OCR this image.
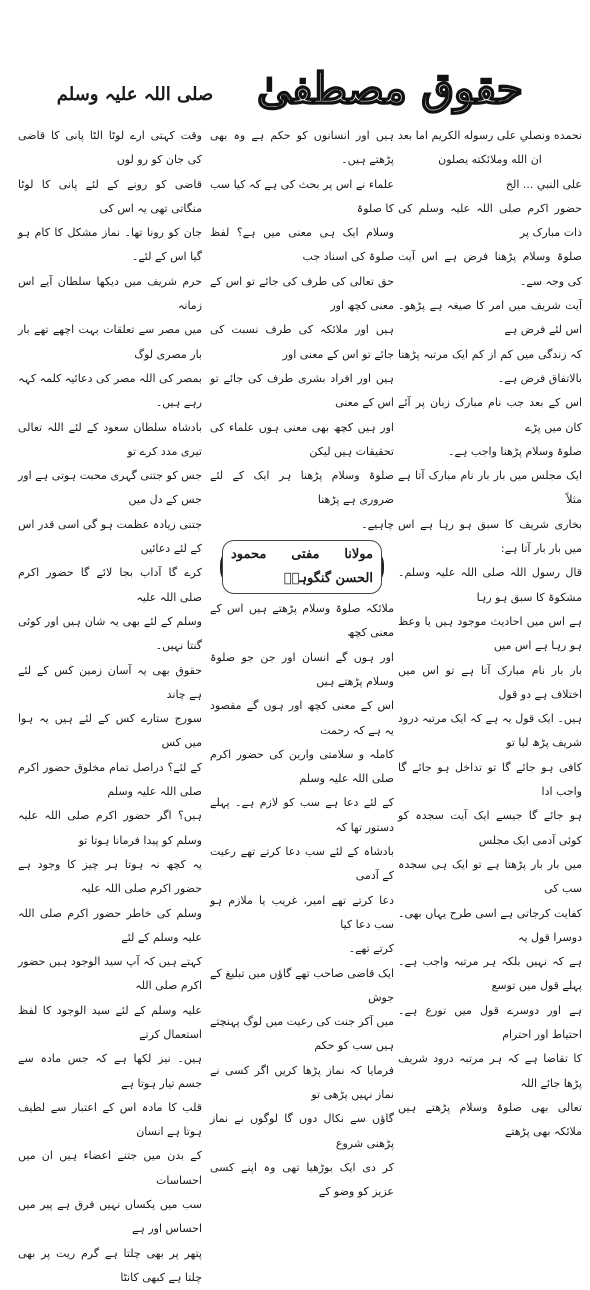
حقوق مصطفیٰ
صلی اللہ علیہ وسلم

نحمده ونصلي على رسوله الكريم اما بعد

ان الله وملائكته يصلون

على النبي ... الخ

حضور اکرم صلی اللہ علیہ وسلم کی ذات مبارک پر

صلوۃ وسلام پڑھنا فرض ہے اس آیت کی وجہ سے۔

آیت شریف میں امر کا صیغہ ہے پڑھو۔ اس لئے فرض ہے

کہ زندگی میں کم از کم ایک مرتبہ پڑھنا بالاتفاق فرض ہے۔

اس کے بعد جب نام مبارک زبان پر آئے کان میں پڑے

صلوۃ وسلام پڑھنا واجب ہے۔

ایک مجلس میں بار بار نام مبارک آتا ہے مثلاً

بخاری شریف کا سبق ہو رہا ہے اس میں بار بار آتا ہے:

قال رسول اللہ صلی اللہ علیہ وسلم۔ مشکوۃ کا سبق ہو رہا

ہے اس میں احادیث موجود ہیں یا وعظ ہو رہا ہے اس میں

بار بار نام مبارک آتا ہے تو اس میں اختلاف ہے دو قول

ہیں۔ ایک قول یہ ہے کہ ایک مرتبہ درود شریف پڑھ لیا تو

کافی ہو جائے گا تو تداخل ہو جائے گا واجب ادا

ہو جائے گا جیسے ایک آیت سجدہ کو کوئی آدمی ایک مجلس

میں بار بار پڑھتا ہے تو ایک ہی سجدہ سب کی

کفایت کرجاتی ہے اسی طرح یہاں بھی۔ دوسرا قول یہ

ہے کہ نہیں بلکہ ہر مرتبہ واجب ہے۔ پہلے قول میں توسع

ہے اور دوسرے قول میں تورع ہے۔ احتیاط اور احترام

کا تقاضا ہے کہ ہر مرتبہ درود شریف پڑھا جائے اللہ

تعالی بھی صلوۃ وسلام پڑھتے ہیں ملائکہ بھی پڑھتے

ہیں اور انسانوں کو حکم ہے وہ بھی پڑھتے ہیں۔

علماء نے اس پر بحث کی ہے کہ کیا سب کا صلوۃ

وسلام ایک ہی معنی میں ہے؟ لفظ صلوۃ کی اسناد جب

حق تعالی کی طرف کی جائے تو اس کے معنی کچھ اور

ہیں اور ملائکہ کی طرف نسبت کی جائے تو اس کے معنی اور

ہیں اور افراد بشری طرف کی جائے تو اس کے معنی

اور ہیں کچھ بھی معنی ہوں علماء کی تحقیقات ہیں لیکن

صلوۃ وسلام پڑھنا ہر ایک کے لئے ضروری ہے پڑھنا

چاہیے۔

مولانا مفتی محمود الحسن گنگوہیؒ

ملائکہ صلوۃ وسلام پڑھتے ہیں اس کے معنی کچھ

اور ہوں گے انسان اور جن جو صلوۃ وسلام پڑھتے ہیں

اس کے معنی کچھ اور ہوں گے مقصود یہ ہے کہ رحمت

کاملہ و سلامتی وارین کی حضور اکرم صلی اللہ علیہ وسلم

کے لئے دعا ہے سب کو لازم ہے۔ پہلے دستور تھا کہ

بادشاہ کے لئے سب دعا کرتے تھے رعیت کے آدمی

دعا کرتے تھے امیر، غریب یا ملازم ہو سب دعا کیا

کرتے تھے۔

ایک قاضی صاحب تھے گاؤں میں تبلیغ کے جوش

میں آکر جنت کی رعیت میں لوگ پہنچتے ہیں سب کو حکم

فرمایا کہ نماز پڑھا کریں اگر کسی نے نماز نہیں پڑھی تو

گاؤں سے نکال دوں گا لوگوں نے نماز پڑھنی شروع

کر دی ایک بوڑھیا تھی وہ اپنے کسی عزیز کو وضو کے

وقت کہتی ارے لوٹا الٹا پانی کا قاضی کی جان کو رو لوں

قاضی کو رونے کے لئے پانی کا لوٹا منگاتی تھی یہ اس کی

جان کو رونا تھا۔ نماز مشکل کا کام ہو گیا اس کے لئے۔

حرم شریف میں دیکھا سلطان آیے اس زمانہ

میں مصر سے تعلقات بہت اچھے تھے بار بار مصری لوگ

بمصر کی اللہ مصر کی دعائیہ کلمہ کہہ رہے ہیں۔

بادشاہ سلطان سعود کے لئے اللہ تعالی تیری مدد کرے تو

جس کو جتنی گہری محبت ہوتی ہے اور جس کے دل میں

جتنی زیادہ عظمت ہو گی اسی قدر اس کے لئے دعائیں

کرے گا آداب بجا لائے گا حضور اکرم صلی اللہ علیہ

وسلم کے لئے بھی یہ شان ہیں اور کوئی گنتا نہیں۔

حقوق بھی یہ آسان زمین کس کے لئے ہے چاند

سورج ستارے کس کے لئے ہیں یہ ہوا میں کس

کے لئے؟ دراصل تمام مخلوق حضور اکرم صلی اللہ علیہ وسلم

ہیں؟ اگر حضور اکرم صلی اللہ علیہ وسلم کو پیدا فرمانا ہوتا تو

یہ کچھ نہ ہوتا ہر چیز کا وجود ہے حضور اکرم صلی اللہ علیہ

وسلم کی خاطر حضور اکرم صلی اللہ علیہ وسلم کے لئے

کہتے ہیں کہ آپ سید الوجود ہیں حضور اکرم صلی اللہ

علیہ وسلم کے لئے سید الوجود کا لفظ استعمال کرتے

ہیں۔ نیز لکھا ہے کہ جس مادہ سے جسم تیار ہوتا ہے

قلب کا مادہ اس کے اعتبار سے لطیف ہوتا ہے انسان

کے بدن میں جتنے اعضاء ہیں ان میں احساسات

سب میں یکساں نہیں فرق ہے پیر میں احساس اور ہے

پتھر پر بھی چلتا ہے گرم ریت پر بھی چلتا ہے کبھی کانٹا
